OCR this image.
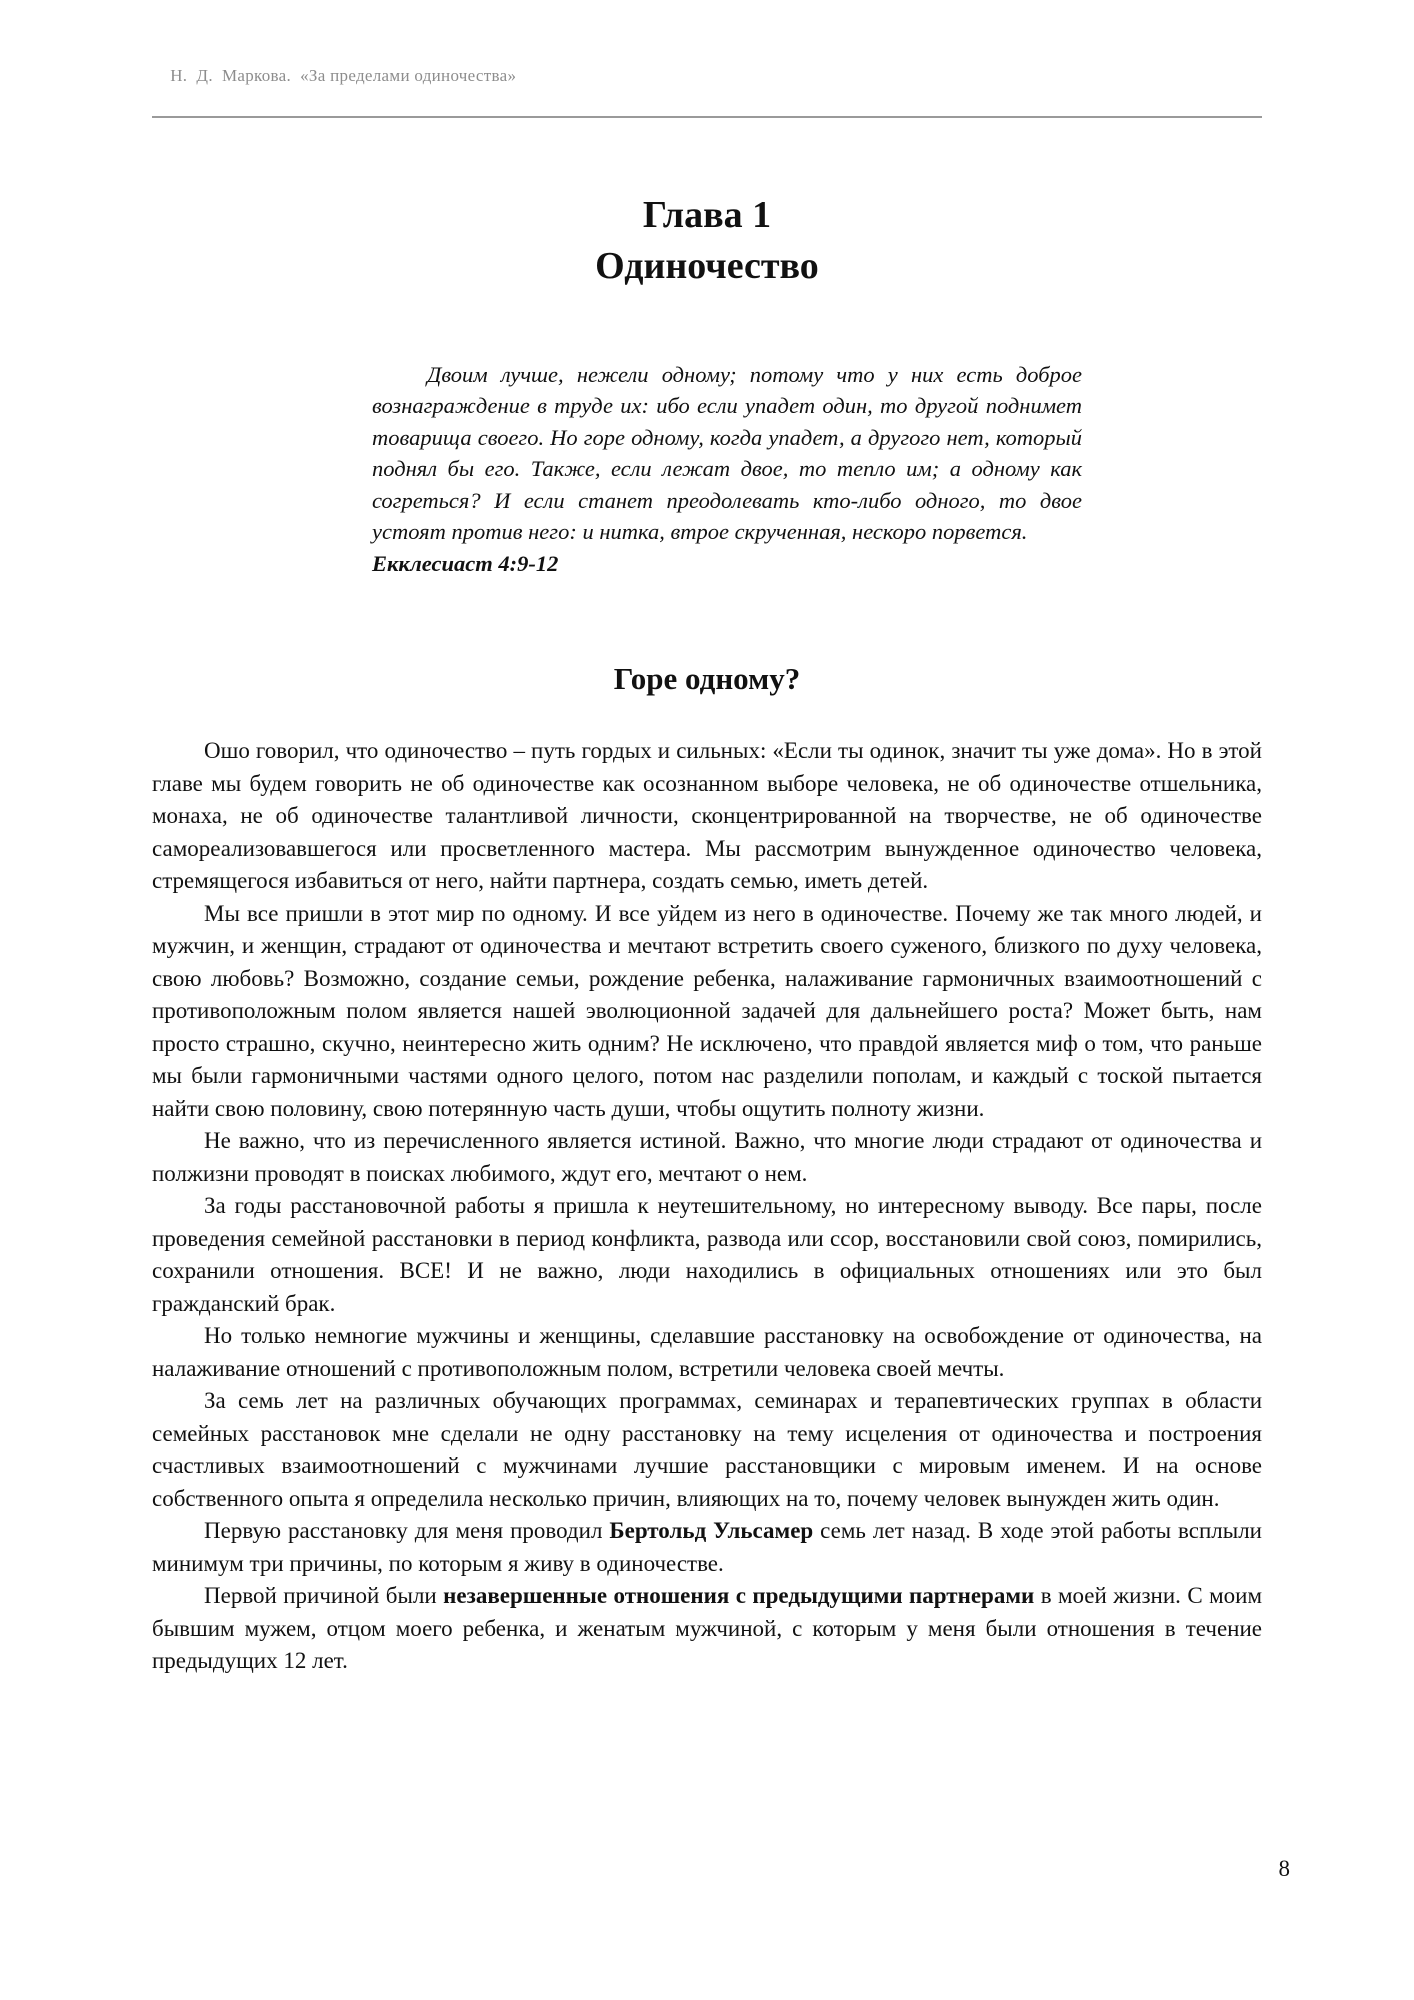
Н.  Д.  Маркова.  «За пределами одиночества»

Глава 1
Одиночество

Двоим лучше, нежели одному; потому что у них есть доброе вознаграждение в труде их: ибо если упадет один, то другой поднимет товарища своего. Но горе одному, когда упадет, а другого нет, который поднял бы его. Также, если лежат двое, то тепло им; а одному как согреться? И если станет преодолевать кто-либо одного, то двое устоят против него: и нитка, втрое скрученная, нескоро порвется.

Екклесиаст 4:9-12

Горе одному?

Ошо говорил, что одиночество – путь гордых и сильных: «Если ты одинок, значит ты уже дома». Но в этой главе мы будем говорить не об одиночестве как осознанном выборе человека, не об одиночестве отшельника, монаха, не об одиночестве талантливой личности, сконцентрированной на творчестве, не об одиночестве самореализовавшегося или просветленного мастера. Мы рассмотрим вынужденное одиночество человека, стремящегося избавиться от него, найти партнера, создать семью, иметь детей.

Мы все пришли в этот мир по одному. И все уйдем из него в одиночестве. Почему же так много людей, и мужчин, и женщин, страдают от одиночества и мечтают встретить своего суженого, близкого по духу человека, свою любовь? Возможно, создание семьи, рождение ребенка, налаживание гармоничных взаимоотношений с противоположным полом является нашей эволюционной задачей для дальнейшего роста? Может быть, нам просто страшно, скучно, неинтересно жить одним? Не исключено, что правдой является миф о том, что раньше мы были гармоничными частями одного целого, потом нас разделили пополам, и каждый с тоской пытается найти свою половину, свою потерянную часть души, чтобы ощутить полноту жизни.

Не важно, что из перечисленного является истиной. Важно, что многие люди страдают от одиночества и полжизни проводят в поисках любимого, ждут его, мечтают о нем.

За годы расстановочной работы я пришла к неутешительному, но интересному выводу. Все пары, после проведения семейной расстановки в период конфликта, развода или ссор, восстановили свой союз, помирились, сохранили отношения. ВСЕ! И не важно, люди находились в официальных отношениях или это был гражданский брак.

Но только немногие мужчины и женщины, сделавшие расстановку на освобождение от одиночества, на налаживание отношений с противоположным полом, встретили человека своей мечты.

За семь лет на различных обучающих программах, семинарах и терапевтических группах в области семейных расстановок мне сделали не одну расстановку на тему исцеления от одиночества и построения счастливых взаимоотношений с мужчинами лучшие расстановщики с мировым именем. И на основе собственного опыта я определила несколько причин, влияющих на то, почему человек вынужден жить один.

Первую расстановку для меня проводил Бертольд Ульсамер семь лет назад. В ходе этой работы всплыли минимум три причины, по которым я живу в одиночестве.

Первой причиной были незавершенные отношения с предыдущими партнерами в моей жизни. С моим бывшим мужем, отцом моего ребенка, и женатым мужчиной, с которым у меня были отношения в течение предыдущих 12 лет.

8
